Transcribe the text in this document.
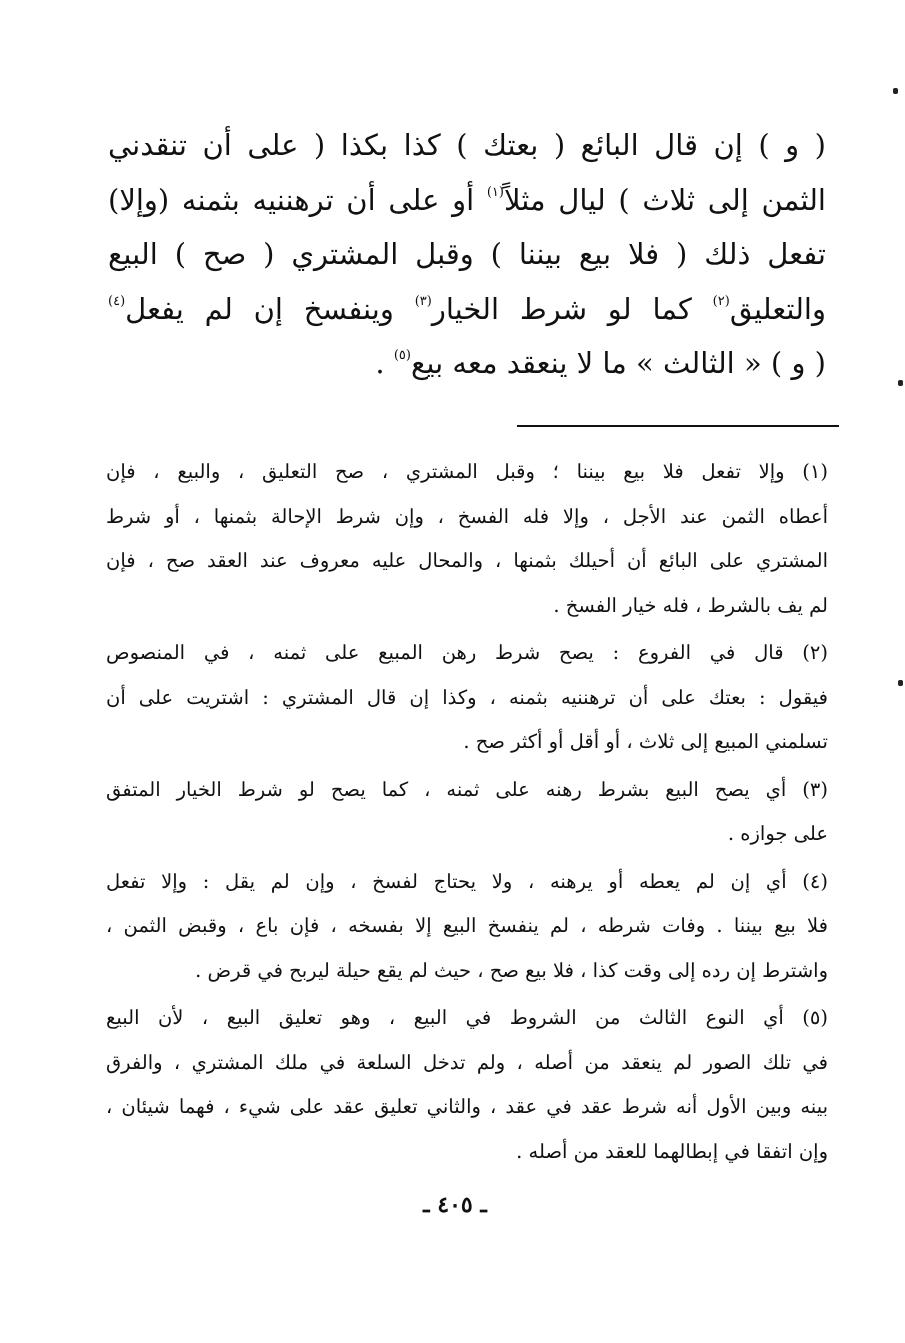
( و ) إن قال البائع ( بعتك ) كذا بكذا ( على أن تنقدني
الثمن إلى ثلاث ) ليال مثلاً$^{(١)}$ أو على أن ترهننيه بثمنه (وإلا)
تفعل ذلك ( فلا بيع بيننا ) وقبل المشتري ( صح ) البيع
والتعليق$^{(٢)}$ كما لو شرط الخيار$^{(٣)}$ وينفسخ إن لم يفعل$^{(٤)}$
( و ) « الثالث » ما لا ينعقد معه بيع$^{(٥)}$ .
(١) وإلا تفعل فلا بيع بيننا ؛ وقبل المشتري ، صح التعليق ، والبيع ، فإن
أعطاه الثمن عند الأجل ، وإلا فله الفسخ ، وإن شرط الإحالة بثمنها ، أو شرط
المشتري على البائع أن أحيلك بثمنها ، والمحال عليه معروف عند العقد صح ، فإن
لم يف بالشرط ، فله خيار الفسخ .
(٢) قال في الفروع : يصح شرط رهن المبيع على ثمنه ، في المنصوص
فيقول : بعتك على أن ترهننيه بثمنه ، وكذا إن قال المشتري : اشتريت على أن
تسلمني المبيع إلى ثلاث ، أو أقل أو أكثر صح .
(٣) أي يصح البيع بشرط رهنه على ثمنه ، كما يصح لو شرط الخيار المتفق
على جوازه .
(٤) أي إن لم يعطه أو يرهنه ، ولا يحتاج لفسخ ، وإن لم يقل : وإلا تفعل
فلا بيع بيننا . وفات شرطه ، لم ينفسخ البيع إلا بفسخه ، فإن باع ، وقبض الثمن ،
واشترط إن رده إلى وقت كذا ، فلا بيع صح ، حيث لم يقع حيلة ليربح في قرض .
(٥) أي النوع الثالث من الشروط في البيع ، وهو تعليق البيع ، لأن البيع
في تلك الصور لم ينعقد من أصله ، ولم تدخل السلعة في ملك المشتري ، والفرق
بينه وبين الأول أنه شرط عقد في عقد ، والثاني تعليق عقد على شيء ، فهما شيئان ،
وإن اتفقا في إبطالهما للعقد من أصله .
ـ ٤٠٥ ـ
